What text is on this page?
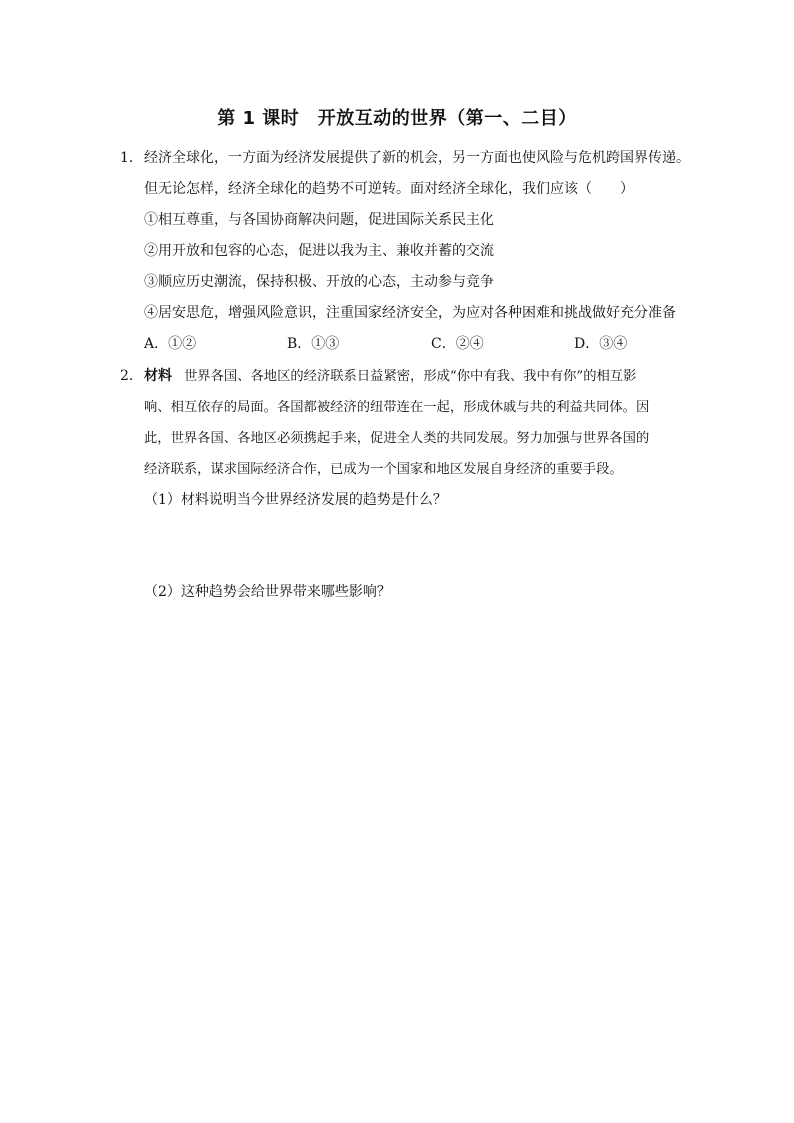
第 1 课时　开放互动的世界（第一、二目）
1． 经济全球化，一方面为经济发展提供了新的机会，另一方面也使风险与危机跨国界传递。
但无论怎样，经济全球化的趋势不可逆转。面对经济全球化，我们应该（　　）
①相互尊重，与各国协商解决问题，促进国际关系民主化
②用开放和包容的心态，促进以我为主、兼收并蓄的交流
③顺应历史潮流，保持积极、开放的心态，主动参与竞争
④居安思危，增强风险意识，注重国家经济安全，为应对各种困难和挑战做好充分准备
A．①②	B．①③	C．②④	D．③④
2． 材料 世界各国、各地区的经济联系日益紧密，形成“你中有我、我中有你”的相互影
响、相互依存的局面。各国都被经济的纽带连在一起，形成休戚与共的利益共同体。因
此，世界各国、各地区必须携起手来，促进全人类的共同发展。努力加强与世界各国的
经济联系，谋求国际经济合作，已成为一个国家和地区发展自身经济的重要手段。
（1）材料说明当今世界经济发展的趋势是什么？
（2）这种趋势会给世界带来哪些影响？
